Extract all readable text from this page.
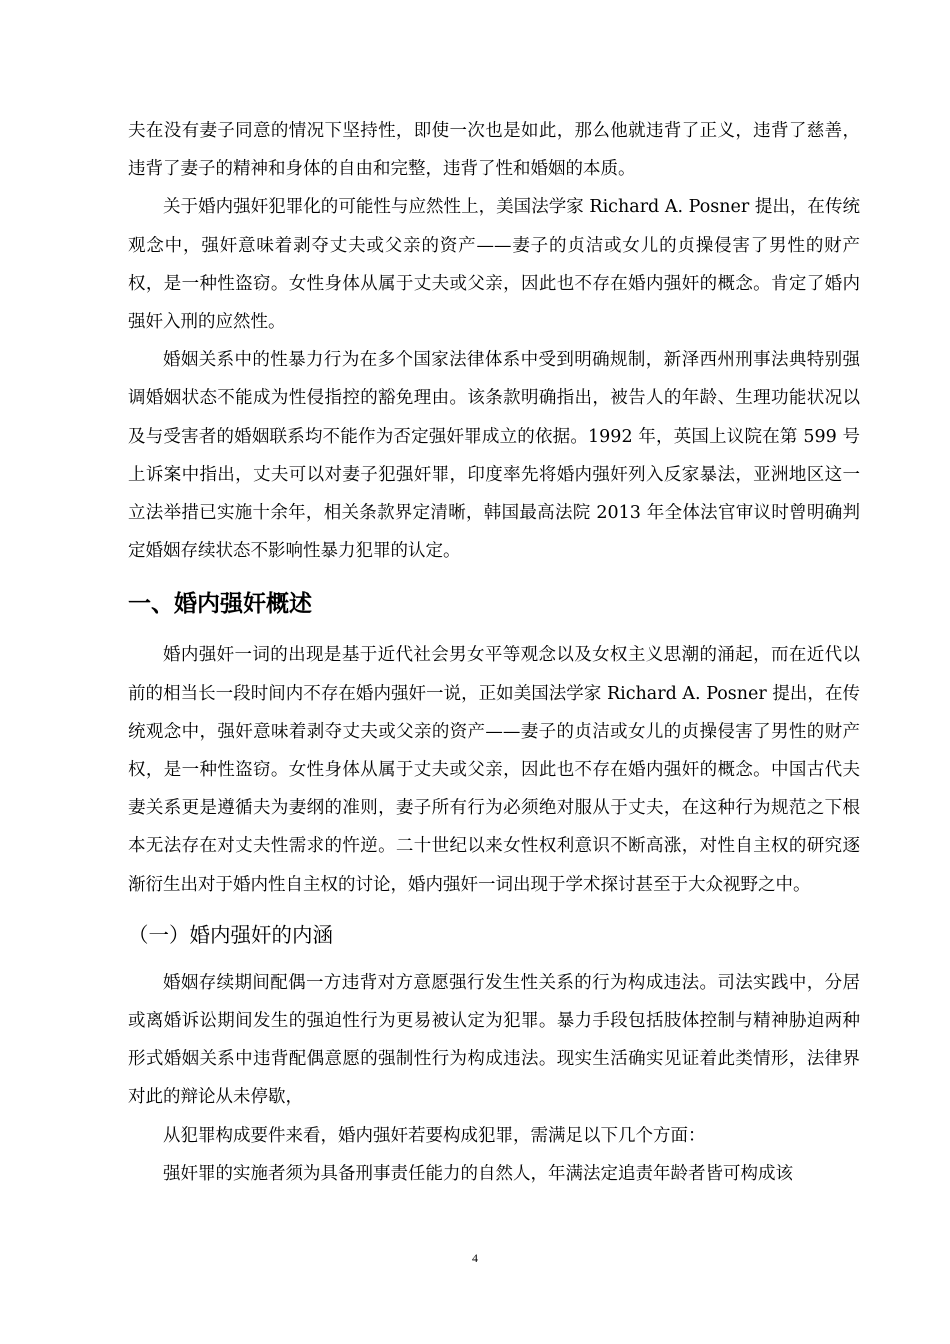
夫在没有妻子同意的情况下坚持性，即使一次也是如此，那么他就违背了正义，违背了慈善，违背了妻子的精神和身体的自由和完整，违背了性和婚姻的本质。

关于婚内强奸犯罪化的可能性与应然性上，美国法学家 Richard A. Posner 提出，在传统观念中，强奸意味着剥夺丈夫或父亲的资产——妻子的贞洁或女儿的贞操侵害了男性的财产权，是一种性盗窃。女性身体从属于丈夫或父亲，因此也不存在婚内强奸的概念。肯定了婚内强奸入刑的应然性。

婚姻关系中的性暴力行为在多个国家法律体系中受到明确规制，新泽西州刑事法典特别强调婚姻状态不能成为性侵指控的豁免理由。该条款明确指出，被告人的年龄、生理功能状况以及与受害者的婚姻联系均不能作为否定强奸罪成立的依据。1992 年，英国上议院在第 599 号上诉案中指出，丈夫可以对妻子犯强奸罪，印度率先将婚内强奸列入反家暴法，亚洲地区这一立法举措已实施十余年，相关条款界定清晰，韩国最高法院 2013 年全体法官审议时曾明确判定婚姻存续状态不影响性暴力犯罪的认定。

一、婚内强奸概述

婚内强奸一词的出现是基于近代社会男女平等观念以及女权主义思潮的涌起，而在近代以前的相当长一段时间内不存在婚内强奸一说，正如美国法学家 Richard A. Posner 提出，在传统观念中，强奸意味着剥夺丈夫或父亲的资产——妻子的贞洁或女儿的贞操侵害了男性的财产权，是一种性盗窃。女性身体从属于丈夫或父亲，因此也不存在婚内强奸的概念。中国古代夫妻关系更是遵循夫为妻纲的准则，妻子所有行为必须绝对服从于丈夫，在这种行为规范之下根本无法存在对丈夫性需求的忤逆。二十世纪以来女性权利意识不断高涨，对性自主权的研究逐渐衍生出对于婚内性自主权的讨论，婚内强奸一词出现于学术探讨甚至于大众视野之中。

（一）婚内强奸的内涵

婚姻存续期间配偶一方违背对方意愿强行发生性关系的行为构成违法。司法实践中，分居或离婚诉讼期间发生的强迫性行为更易被认定为犯罪。暴力手段包括肢体控制与精神胁迫两种形式婚姻关系中违背配偶意愿的强制性行为构成违法。现实生活确实见证着此类情形，法律界对此的辩论从未停歇，

从犯罪构成要件来看，婚内强奸若要构成犯罪，需满足以下几个方面：

强奸罪的实施者须为具备刑事责任能力的自然人，年满法定追责年龄者皆可构成该

4
